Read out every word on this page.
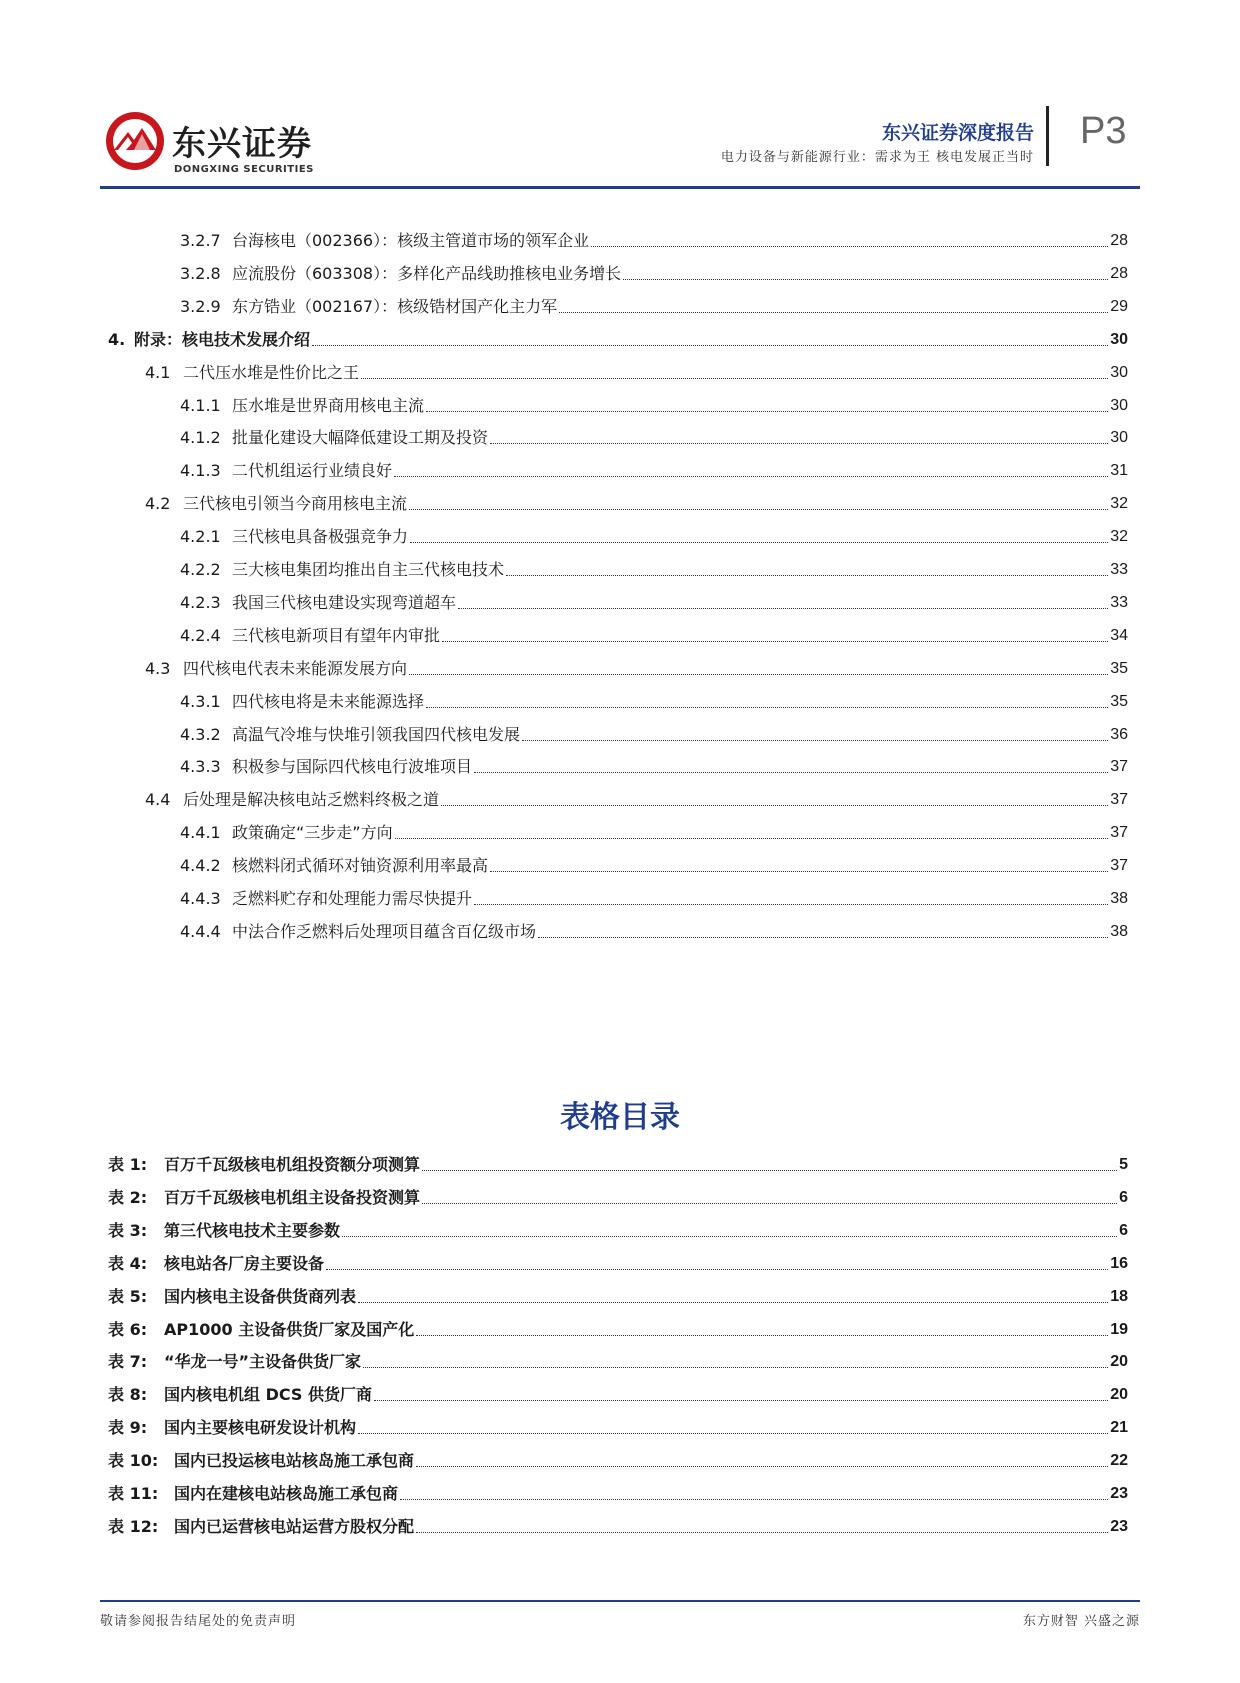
东兴证券
DONGXING SECURITIES
东兴证券深度报告
电力设备与新能源行业：需求为王 核电发展正当时
P3
3.2.7 台海核电（002366）：核级主管道市场的领军企业	28
3.2.8 应流股份（603308）：多样化产品线助推核电业务增长	28
3.2.9 东方锆业（002167）：核级锆材国产化主力军	29
4. 附录：核电技术发展介绍	30
4.1 二代压水堆是性价比之王	30
4.1.1 压水堆是世界商用核电主流	30
4.1.2 批量化建设大幅降低建设工期及投资	30
4.1.3 二代机组运行业绩良好	31
4.2 三代核电引领当今商用核电主流	32
4.2.1 三代核电具备极强竞争力	32
4.2.2 三大核电集团均推出自主三代核电技术	33
4.2.3 我国三代核电建设实现弯道超车	33
4.2.4 三代核电新项目有望年内审批	34
4.3 四代核电代表未来能源发展方向	35
4.3.1 四代核电将是未来能源选择	35
4.3.2 高温气冷堆与快堆引领我国四代核电发展	36
4.3.3 积极参与国际四代核电行波堆项目	37
4.4 后处理是解决核电站乏燃料终极之道	37
4.4.1 政策确定“三步走”方向	37
4.4.2 核燃料闭式循环对铀资源利用率最高	37
4.4.3 乏燃料贮存和处理能力需尽快提升	38
4.4.4 中法合作乏燃料后处理项目蕴含百亿级市场	38
表格目录
表 1:	百万千瓦级核电机组投资额分项测算	5
表 2:	百万千瓦级核电机组主设备投资测算	6
表 3:	第三代核电技术主要参数	6
表 4:	核电站各厂房主要设备	16
表 5:	国内核电主设备供货商列表	18
表 6:	AP1000 主设备供货厂家及国产化	19
表 7:	“华龙一号”主设备供货厂家	20
表 8:	国内核电机组 DCS 供货厂商	20
表 9:	国内主要核电研发设计机构	21
表 10: 国内已投运核电站核岛施工承包商	22
表 11: 国内在建核电站核岛施工承包商	23
表 12: 国内已运营核电站运营方股权分配	23
敬请参阅报告结尾处的免责声明	东方财智 兴盛之源
